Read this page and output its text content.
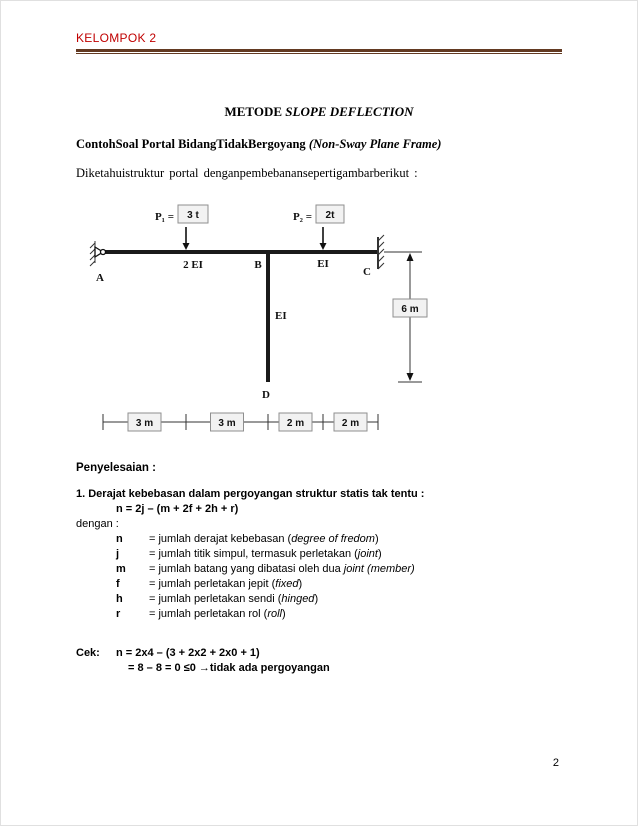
KELOMPOK 2
METODE SLOPE DEFLECTION
ContohSoal Portal BidangTidakBergoyang (Non-Sway Plane Frame)
Diketahuistruktur portal denganpembebanansepertigambarberikut :
P₁ = 3 t	P₂ = 2t
2 EI	B	EI
C
A
EI
D
6 m
3 m	3 m	2 m	2 m
Penyelesaian :
1. Derajat kebebasan dalam pergoyangan struktur statis tak tentu :
n = 2j – (m + 2f + 2h + r)
dengan :
n	= jumlah derajat kebebasan (degree of fredom)
j	= jumlah titik simpul, termasuk perletakan (joint)
m	= jumlah batang yang dibatasi oleh dua joint (member)
f	= jumlah perletakan jepit (fixed)
h	= jumlah perletakan sendi (hinged)
r	= jumlah perletakan rol (roll)
Cek:	n = 2x4 – (3 + 2x2 + 2x0 + 1)
= 8 – 8 = 0 ≤0 →tidak ada pergoyangan
2
